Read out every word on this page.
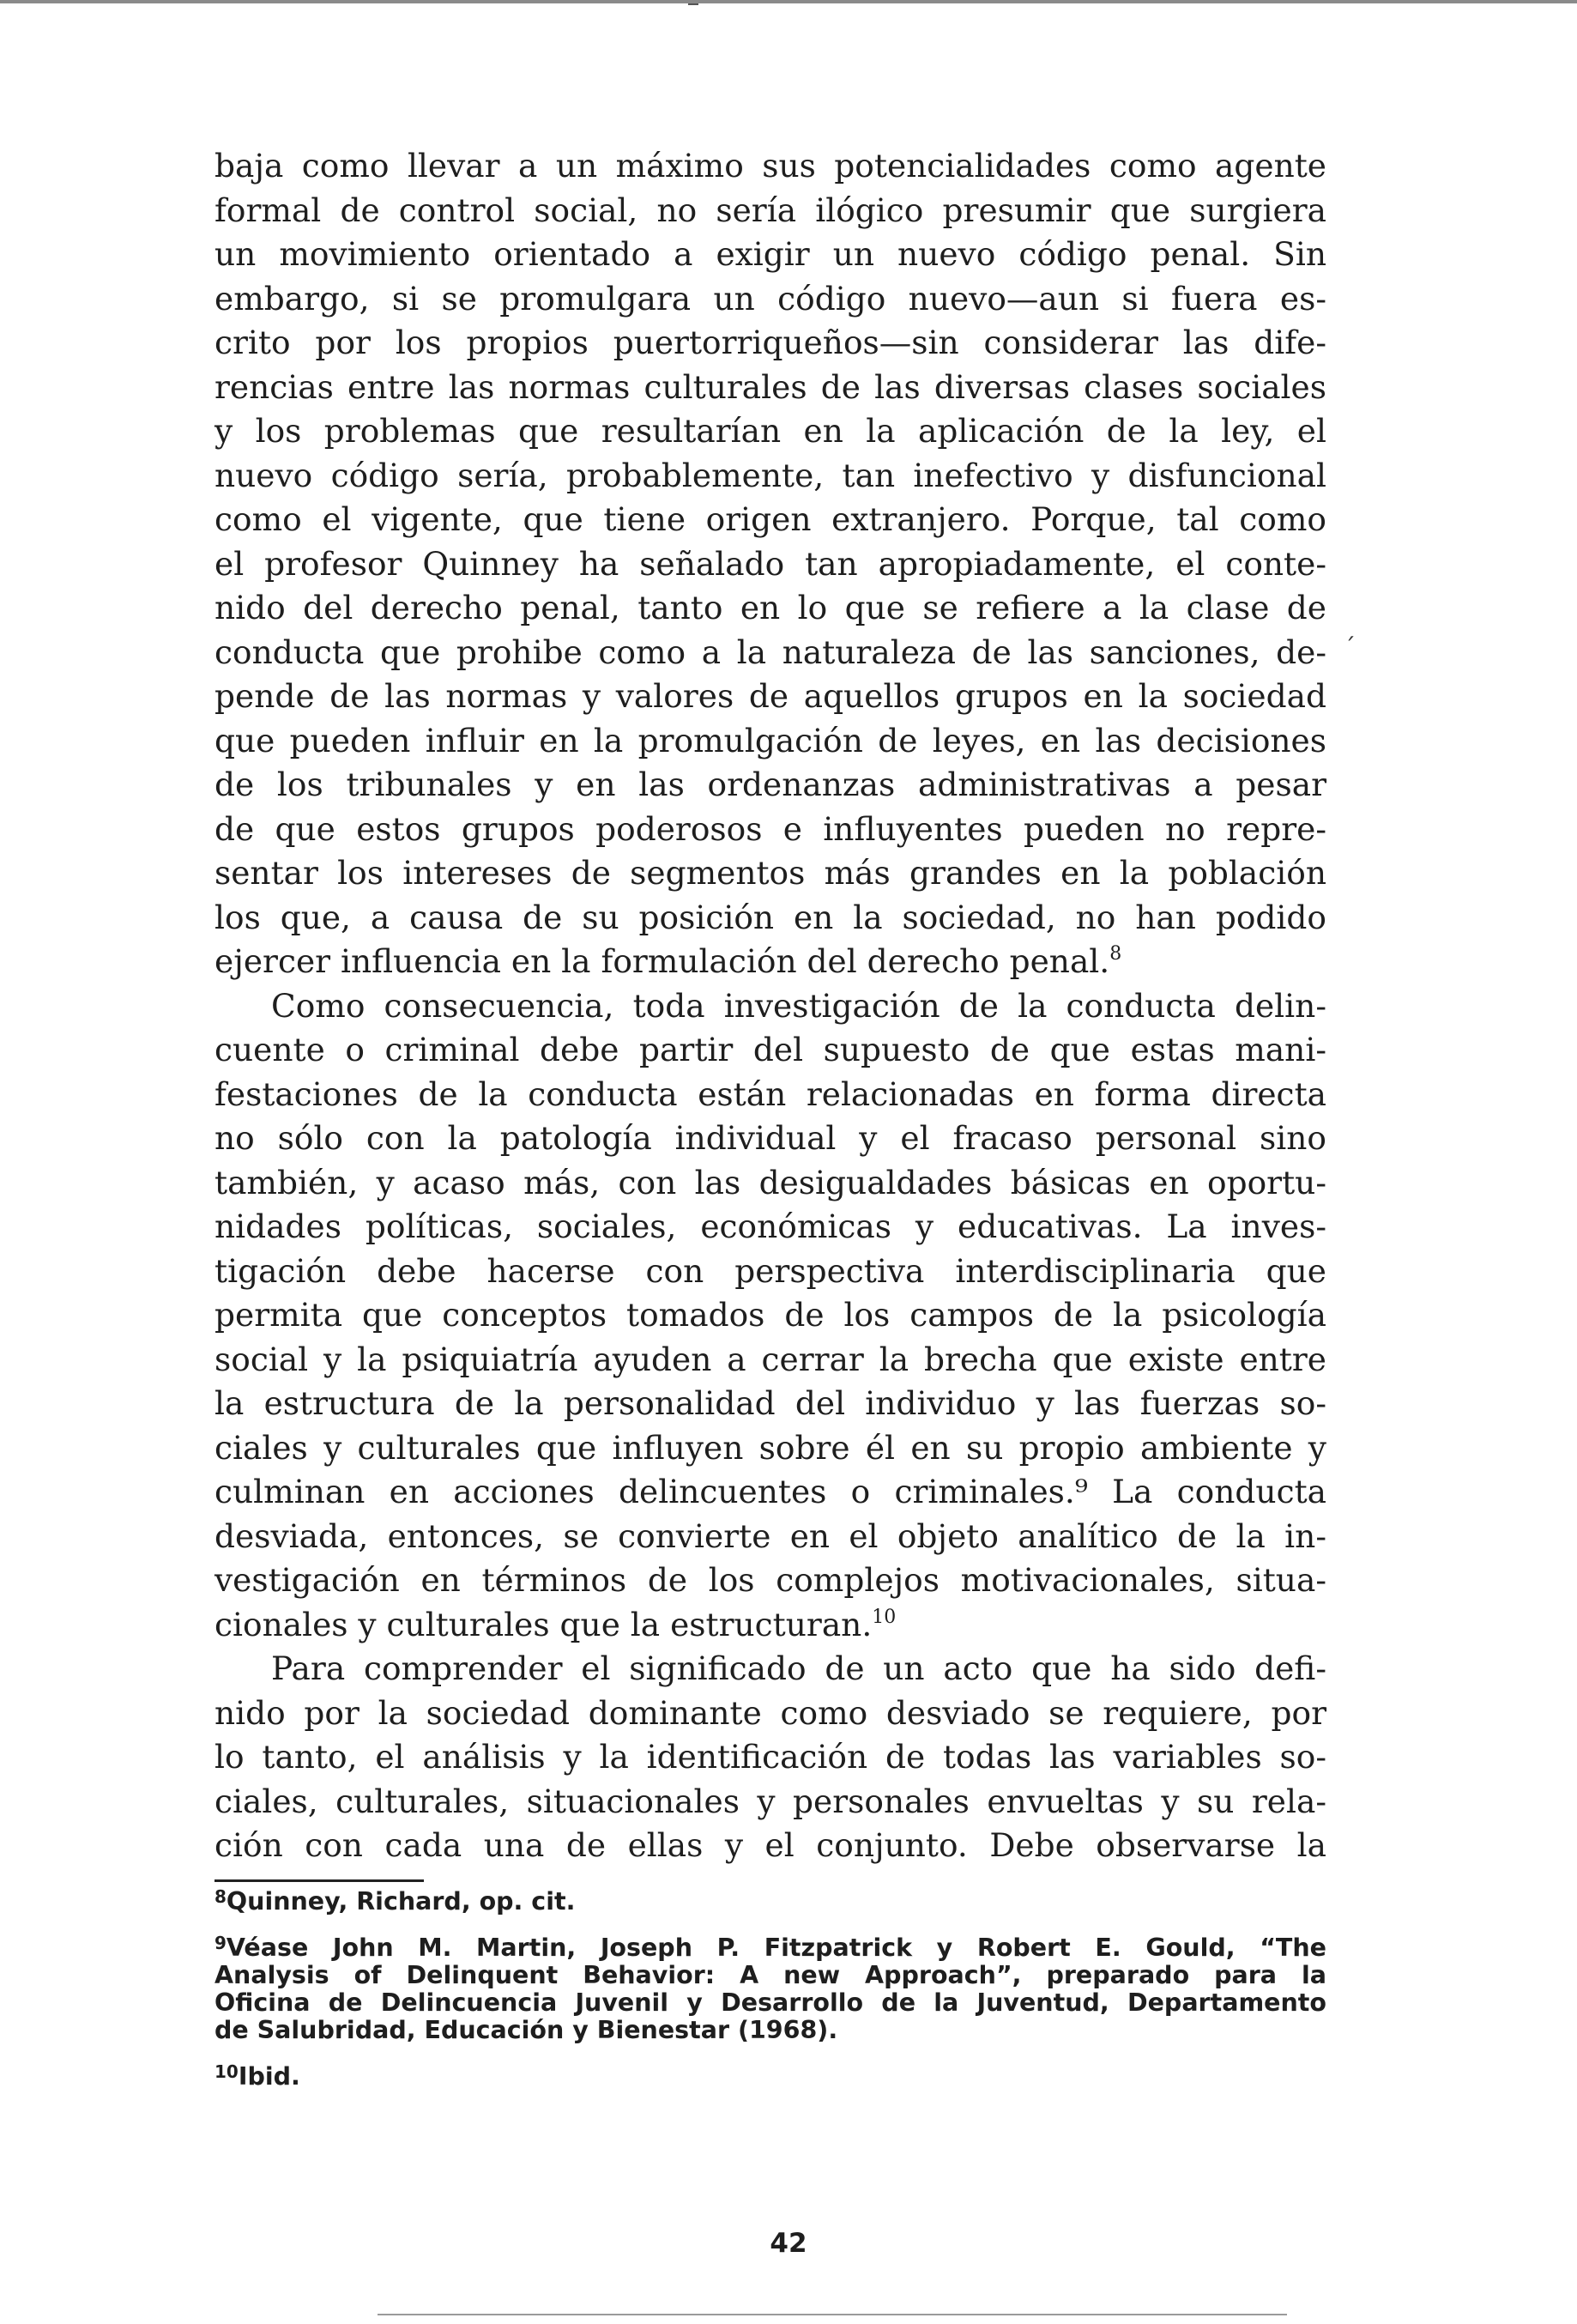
baja como llevar a un máximo sus potencialidades como agente
formal de control social, no sería ilógico presumir que surgiera
un movimiento orientado a exigir un nuevo código penal. Sin
embargo, si se promulgara un código nuevo—aun si fuera es-
crito por los propios puertorriqueños—sin considerar las dife-
rencias entre las normas culturales de las diversas clases sociales
y los problemas que resultarían en la aplicación de la ley, el
nuevo código sería, probablemente, tan inefectivo y disfuncional
como el vigente, que tiene origen extranjero. Porque, tal como
el profesor Quinney ha señalado tan apropiadamente, el conte-
nido del derecho penal, tanto en lo que se refiere a la clase de
conducta que prohibe como a la naturaleza de las sanciones, de-
pende de las normas y valores de aquellos grupos en la sociedad
que pueden influir en la promulgación de leyes, en las decisiones
de los tribunales y en las ordenanzas administrativas a pesar
de que estos grupos poderosos e influyentes pueden no repre-
sentar los intereses de segmentos más grandes en la población
los que, a causa de su posición en la sociedad, no han podido
ejercer influencia en la formulación del derecho penal.$^8$
Como consecuencia, toda investigación de la conducta delin-
cuente o criminal debe partir del supuesto de que estas mani-
festaciones de la conducta están relacionadas en forma directa
no sólo con la patología individual y el fracaso personal sino
también, y acaso más, con las desigualdades básicas en oportu-
nidades políticas, sociales, económicas y educativas. La inves-
tigación debe hacerse con perspectiva interdisciplinaria que
permita que conceptos tomados de los campos de la psicología
social y la psiquiatría ayuden a cerrar la brecha que existe entre
la estructura de la personalidad del individuo y las fuerzas so-
ciales y culturales que influyen sobre él en su propio ambiente y
culminan en acciones delincuentes o criminales.⁹ La conducta
desviada, entonces, se convierte en el objeto analítico de la in-
vestigación en términos de los complejos motivacionales, situa-
cionales y culturales que la estructuran.$^{10}$
Para comprender el significado de un acto que ha sido defi-
nido por la sociedad dominante como desviado se requiere, por
lo tanto, el análisis y la identificación de todas las variables so-
ciales, culturales, situacionales y personales envueltas y su rela-
ción con cada una de ellas y el conjunto. Debe observarse la
´
$^8$Quinney, Richard, op. cit.
$^9$Véase John M. Martin, Joseph P. Fitzpatrick y Robert E. Gould, “The
Analysis of Delinquent Behavior: A new Approach”, preparado para la
Oficina de Delincuencia Juvenil y Desarrollo de la Juventud, Departamento
de Salubridad, Educación y Bienestar (1968).
$^{10}$Ibid.
42
